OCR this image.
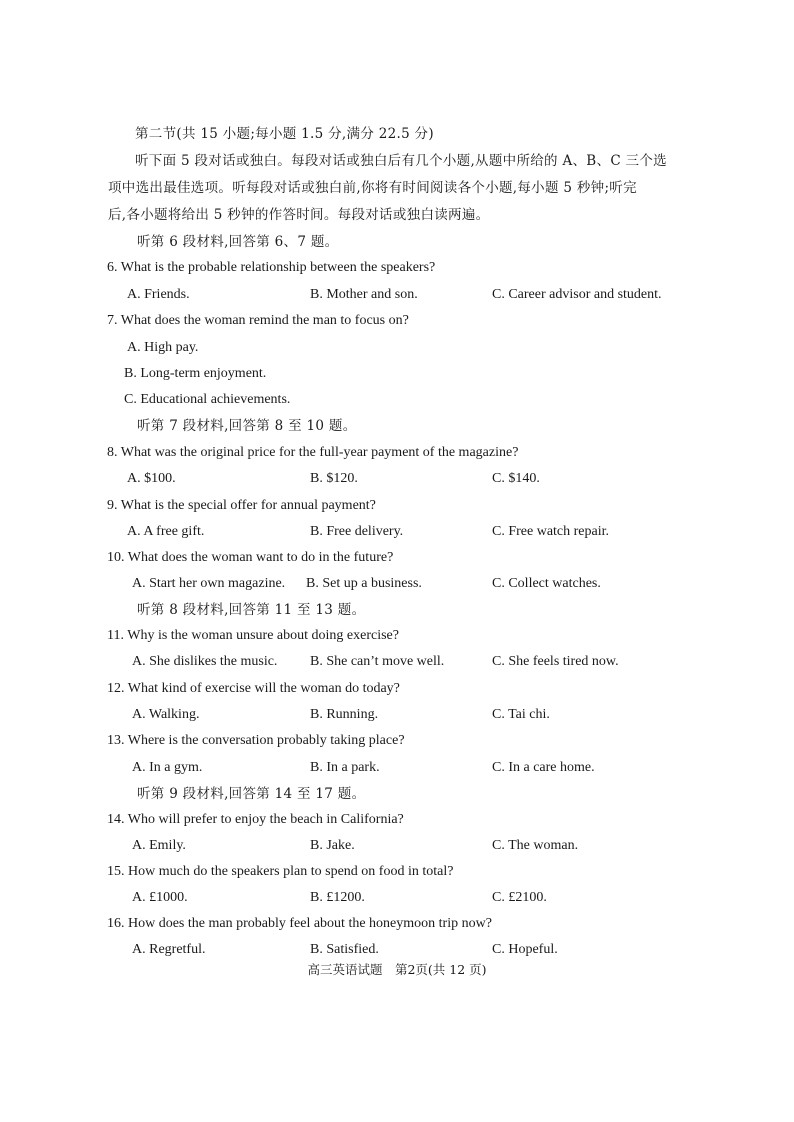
第二节(共 15 小题;每小题 1.5 分,满分 22.5 分)
听下面 5 段对话或独白。每段对话或独白后有几个小题,从题中所给的 A、B、C 三个选
项中选出最佳选项。听每段对话或独白前,你将有时间阅读各个小题,每小题 5 秒钟;听完
后,各小题将给出 5 秒钟的作答时间。每段对话或独白读两遍。
听第 6 段材料,回答第 6、7 题。
6. What is the probable relationship between the speakers?
A. Friends.	B. Mother and son.	C. Career advisor and student.
7. What does the woman remind the man to focus on?
A. High pay.
B. Long-term enjoyment.
C. Educational achievements.
听第 7 段材料,回答第 8 至 10 题。
8. What was the original price for the full-year payment of the magazine?
A. $100.	B. $120.	C. $140.
9. What is the special offer for annual payment?
A. A free gift.	B. Free delivery.	C. Free watch repair.
10. What does the woman want to do in the future?
A. Start her own magazine. B. Set up a business.	C. Collect watches.
听第 8 段材料,回答第 11 至 13 题。
11. Why is the woman unsure about doing exercise?
A. She dislikes the music. B. She can’t move well.	C. She feels tired now.
12. What kind of exercise will the woman do today?
A. Walking.	B. Running.	C. Tai chi.
13. Where is the conversation probably taking place?
A. In a gym.	B. In a park.	C. In a care home.
听第 9 段材料,回答第 14 至 17 题。
14. Who will prefer to enjoy the beach in California?
A. Emily.	B. Jake.	C. The woman.
15. How much do the speakers plan to spend on food in total?
A. £1000.	B. £1200.	C. £2100.
16. How does the man probably feel about the honeymoon trip now?
A. Regretful.	B. Satisfied.	C. Hopeful.
高三英语试题　第2页(共 12 页)
